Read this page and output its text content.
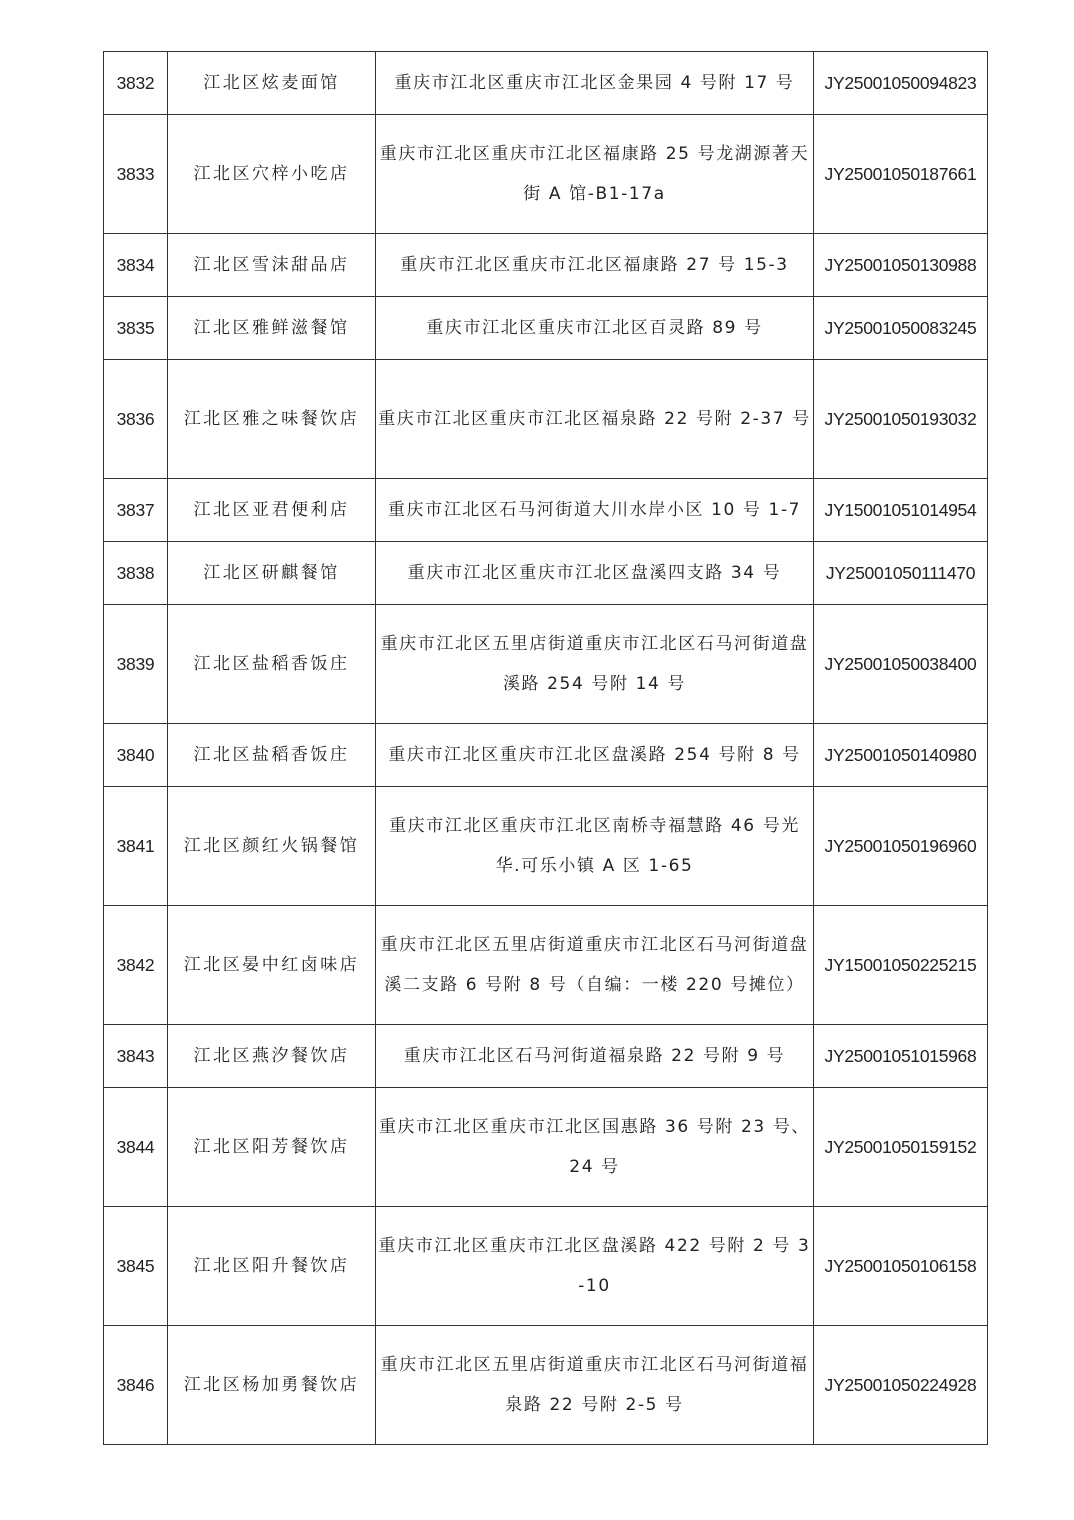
3832	江北区炫麦面馆	重庆市江北区重庆市江北区金果园 4 号附 17 号	JY25001050094823
3833	江北区穴梓小吃店	重庆市江北区重庆市江北区福康路 25 号龙湖源著天街 A 馆-B1-17a	JY25001050187661
3834	江北区雪沫甜品店	重庆市江北区重庆市江北区福康路 27 号 15-3	JY25001050130988
3835	江北区雅鲜滋餐馆	重庆市江北区重庆市江北区百灵路 89 号	JY25001050083245
3836	江北区雅之味餐饮店	重庆市江北区重庆市江北区福泉路 22 号附 2-37 号	JY25001050193032
3837	江北区亚君便利店	重庆市江北区石马河街道大川水岸小区 10 号 1-7	JY15001051014954
3838	江北区研麒餐馆	重庆市江北区重庆市江北区盘溪四支路 34 号	JY25001050111470
3839	江北区盐稻香饭庄	重庆市江北区五里店街道重庆市江北区石马河街道盘溪路 254 号附 14 号	JY25001050038400
3840	江北区盐稻香饭庄	重庆市江北区重庆市江北区盘溪路 254 号附 8 号	JY25001050140980
3841	江北区颜红火锅餐馆	重庆市江北区重庆市江北区南桥寺福慧路 46 号光华.可乐小镇 A 区 1-65	JY25001050196960
3842	江北区晏中红卤味店	重庆市江北区五里店街道重庆市江北区石马河街道盘溪二支路 6 号附 8 号（自编：一楼 220 号摊位）	JY15001050225215
3843	江北区燕汐餐饮店	重庆市江北区石马河街道福泉路 22 号附 9 号	JY25001051015968
3844	江北区阳芳餐饮店	重庆市江北区重庆市江北区国惠路 36 号附 23 号、24 号	JY25001050159152
3845	江北区阳升餐饮店	重庆市江北区重庆市江北区盘溪路 422 号附 2 号 3-10	JY25001050106158
3846	江北区杨加勇餐饮店	重庆市江北区五里店街道重庆市江北区石马河街道福泉路 22 号附 2-5 号	JY25001050224928
